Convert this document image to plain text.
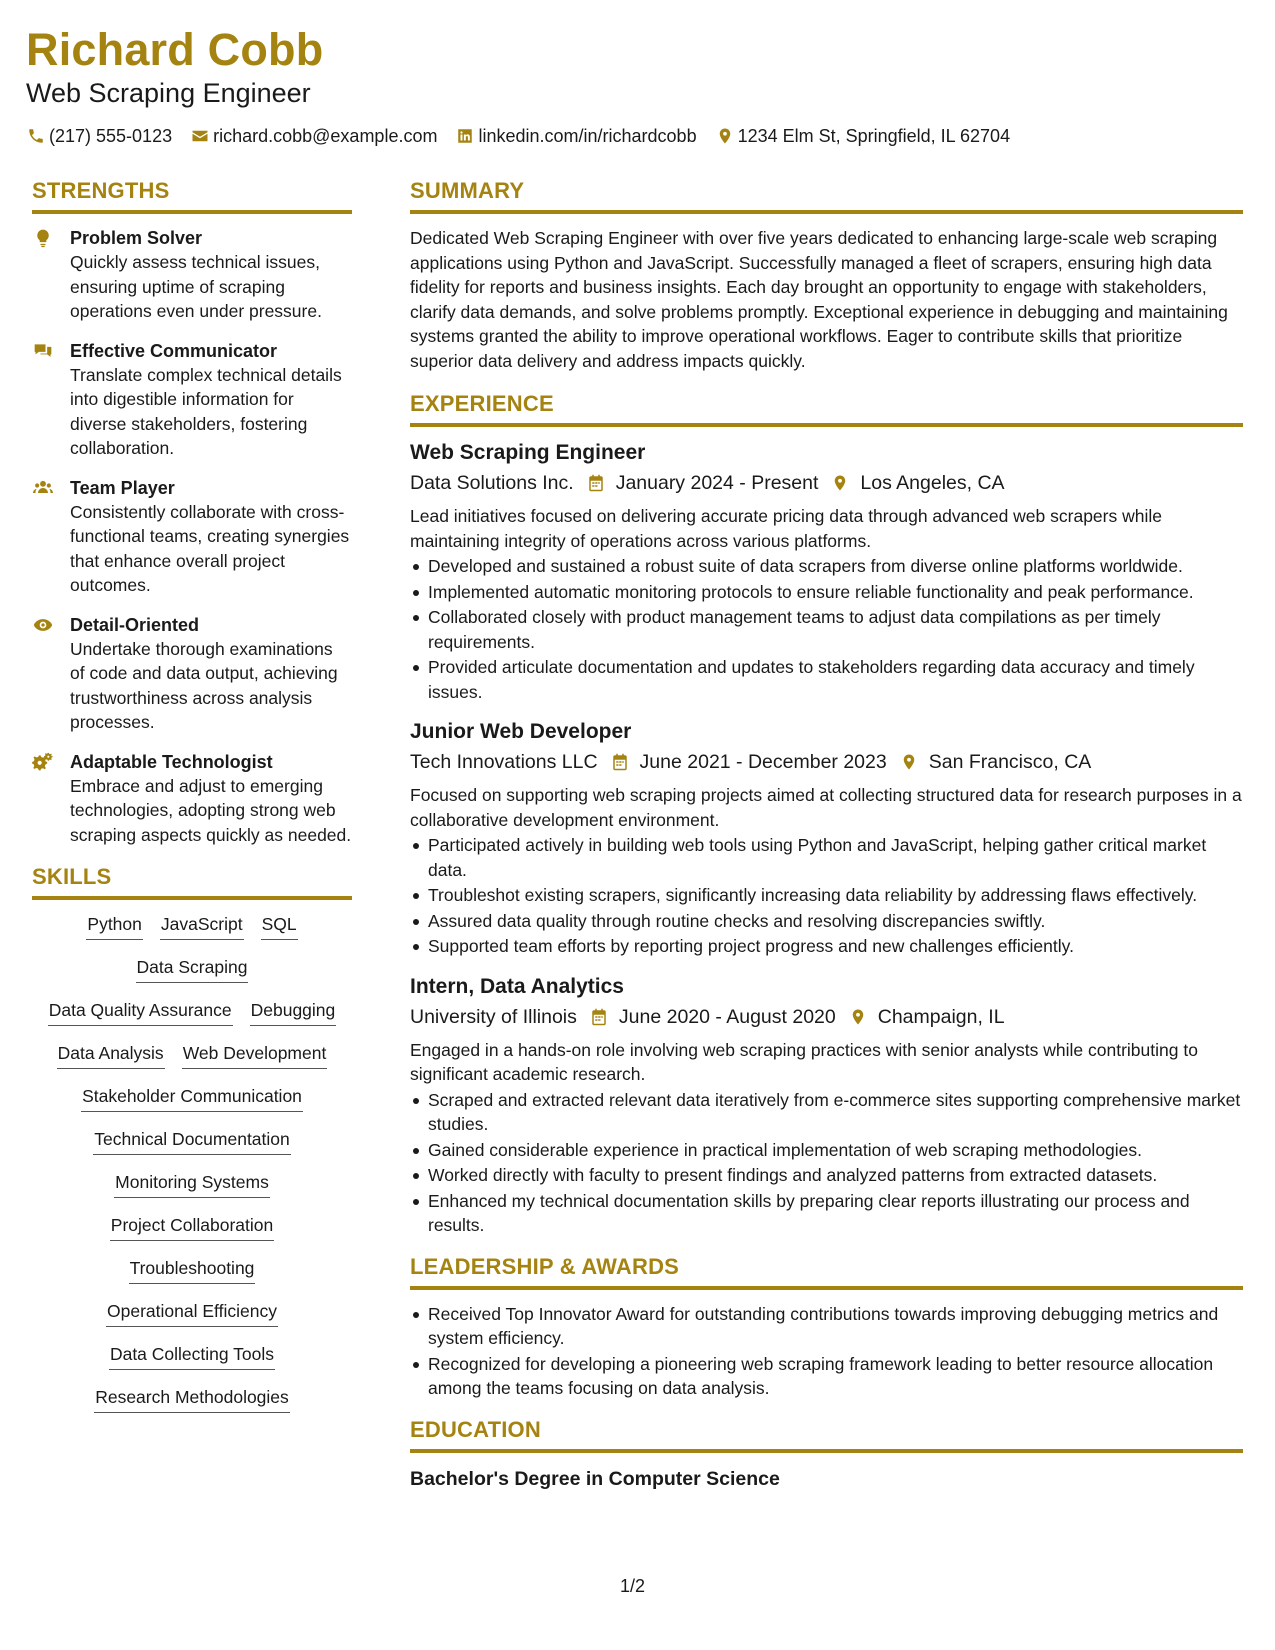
Richard Cobb
Web Scraping Engineer
(217) 555-0123 richard.cobb@example.com linkedin.com/in/richardcobb 1234 Elm St, Springfield, IL 62704
STRENGTHS
Problem Solver
Quickly assess technical issues, ensuring uptime of scraping operations even under pressure.
Effective Communicator
Translate complex technical details into digestible information for diverse stakeholders, fostering collaboration.
Team Player
Consistently collaborate with cross-functional teams, creating synergies that enhance overall project outcomes.
Detail-Oriented
Undertake thorough examinations of code and data output, achieving trustworthiness across analysis processes.
Adaptable Technologist
Embrace and adjust to emerging technologies, adopting strong web scraping aspects quickly as needed.
SKILLS
Python JavaScript SQL
Data Scraping
Data Quality Assurance Debugging
Data Analysis Web Development
Stakeholder Communication
Technical Documentation
Monitoring Systems
Project Collaboration
Troubleshooting
Operational Efficiency
Data Collecting Tools
Research Methodologies
SUMMARY
Dedicated Web Scraping Engineer with over five years dedicated to enhancing large-scale web scraping applications using Python and JavaScript. Successfully managed a fleet of scrapers, ensuring high data fidelity for reports and business insights. Each day brought an opportunity to engage with stakeholders, clarify data demands, and solve problems promptly. Exceptional experience in debugging and maintaining systems granted the ability to improve operational workflows. Eager to contribute skills that prioritize superior data delivery and address impacts quickly.
EXPERIENCE
Web Scraping Engineer
Data Solutions Inc. January 2024 - Present Los Angeles, CA
Lead initiatives focused on delivering accurate pricing data through advanced web scrapers while maintaining integrity of operations across various platforms.
Developed and sustained a robust suite of data scrapers from diverse online platforms worldwide.
Implemented automatic monitoring protocols to ensure reliable functionality and peak performance.
Collaborated closely with product management teams to adjust data compilations as per timely requirements.
Provided articulate documentation and updates to stakeholders regarding data accuracy and timely issues.
Junior Web Developer
Tech Innovations LLC June 2021 - December 2023 San Francisco, CA
Focused on supporting web scraping projects aimed at collecting structured data for research purposes in a collaborative development environment.
Participated actively in building web tools using Python and JavaScript, helping gather critical market data.
Troubleshot existing scrapers, significantly increasing data reliability by addressing flaws effectively.
Assured data quality through routine checks and resolving discrepancies swiftly.
Supported team efforts by reporting project progress and new challenges efficiently.
Intern, Data Analytics
University of Illinois June 2020 - August 2020 Champaign, IL
Engaged in a hands-on role involving web scraping practices with senior analysts while contributing to significant academic research.
Scraped and extracted relevant data iteratively from e-commerce sites supporting comprehensive market studies.
Gained considerable experience in practical implementation of web scraping methodologies.
Worked directly with faculty to present findings and analyzed patterns from extracted datasets.
Enhanced my technical documentation skills by preparing clear reports illustrating our process and results.
LEADERSHIP & AWARDS
Received Top Innovator Award for outstanding contributions towards improving debugging metrics and system efficiency.
Recognized for developing a pioneering web scraping framework leading to better resource allocation among the teams focusing on data analysis.
EDUCATION
Bachelor's Degree in Computer Science
1/2
